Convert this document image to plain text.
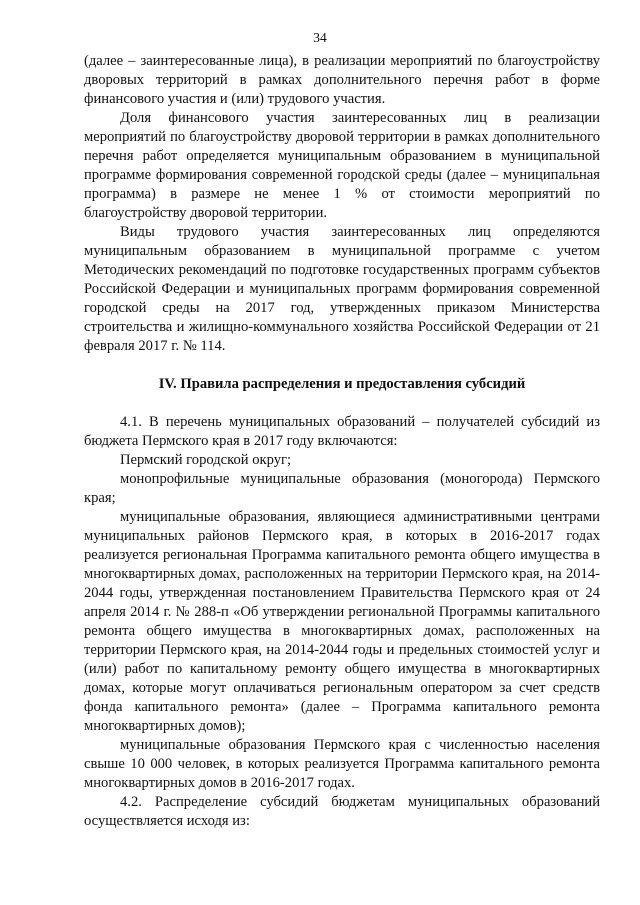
34

(далее – заинтересованные лица), в реализации мероприятий по благоустройству дворовых территорий в рамках дополнительного перечня работ в форме финансового участия и (или) трудового участия.

Доля финансового участия заинтересованных лиц в реализации мероприятий по благоустройству дворовой территории в рамках дополнительного перечня работ определяется муниципальным образованием в муниципальной программе формирования современной городской среды (далее – муниципальная программа) в размере не менее 1 % от стоимости мероприятий по благоустройству дворовой территории.

Виды трудового участия заинтересованных лиц определяются муниципальным образованием в муниципальной программе с учетом Методических рекомендаций по подготовке государственных программ субъектов Российской Федерации и муниципальных программ формирования современной городской среды на 2017 год, утвержденных приказом Министерства строительства и жилищно-коммунального хозяйства Российской Федерации от 21 февраля 2017 г. № 114.

IV. Правила распределения и предоставления субсидий

4.1. В перечень муниципальных образований – получателей субсидий из бюджета Пермского края в 2017 году включаются:

Пермский городской округ;

монопрофильные муниципальные образования (моногорода) Пермского края;

муниципальные образования, являющиеся административными центрами муниципальных районов Пермского края, в которых в 2016-2017 годах реализуется региональная Программа капитального ремонта общего имущества в многоквартирных домах, расположенных на территории Пермского края, на 2014-2044 годы, утвержденная постановлением Правительства Пермского края от 24 апреля 2014 г. № 288-п «Об утверждении региональной Программы капитального ремонта общего имущества в многоквартирных домах, расположенных на территории Пермского края, на 2014-2044 годы и предельных стоимостей услуг и (или) работ по капитальному ремонту общего имущества в многоквартирных домах, которые могут оплачиваться региональным оператором за счет средств фонда капитального ремонта» (далее – Программа капитального ремонта многоквартирных домов);

муниципальные образования Пермского края с численностью населения свыше 10 000 человек, в которых реализуется Программа капитального ремонта многоквартирных домов в 2016-2017 годах.

4.2. Распределение субсидий бюджетам муниципальных образований осуществляется исходя из:
